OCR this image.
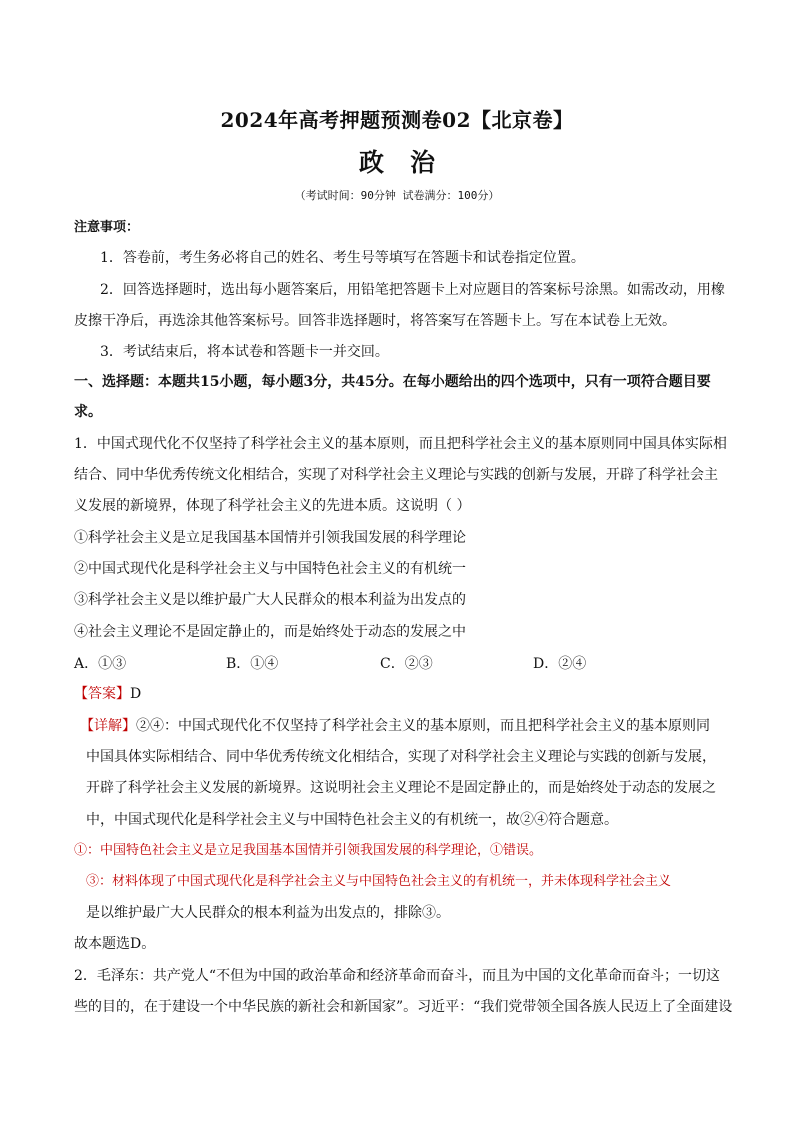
2024年高考押题预测卷02【北京卷】
政 治
（考试时间：90分钟 试卷满分：100分）
注意事项：
1．答卷前，考生务必将自己的姓名、考生号等填写在答题卡和试卷指定位置。
2．回答选择题时，选出每小题答案后，用铅笔把答题卡上对应题目的答案标号涂黑。如需改动，用橡
皮擦干净后，再选涂其他答案标号。回答非选择题时，将答案写在答题卡上。写在本试卷上无效。
3．考试结束后，将本试卷和答题卡一并交回。
一、选择题：本题共15小题，每小题3分，共45分。在每小题给出的四个选项中，只有一项符合题目要
求。
1．中国式现代化不仅坚持了科学社会主义的基本原则，而且把科学社会主义的基本原则同中国具体实际相
结合、同中华优秀传统文化相结合，实现了对科学社会主义理论与实践的创新与发展，开辟了科学社会主
义发展的新境界，体现了科学社会主义的先进本质。这说明（ ）
①科学社会主义是立足我国基本国情并引领我国发展的科学理论
②中国式现代化是科学社会主义与中国特色社会主义的有机统一
③科学社会主义是以维护最广大人民群众的根本利益为出发点的
④社会主义理论不是固定静止的，而是始终处于动态的发展之中
A．①③	B．①④	C．②③	D．②④
【答案】D
【详解】②④：中国式现代化不仅坚持了科学社会主义的基本原则，而且把科学社会主义的基本原则同
中国具体实际相结合、同中华优秀传统文化相结合，实现了对科学社会主义理论与实践的创新与发展，
开辟了科学社会主义发展的新境界。这说明社会主义理论不是固定静止的，而是始终处于动态的发展之
中，中国式现代化是科学社会主义与中国特色社会主义的有机统一，故②④符合题意。
①：中国特色社会主义是立足我国基本国情并引领我国发展的科学理论，①错误。
③：材料体现了中国式现代化是科学社会主义与中国特色社会主义的有机统一，并未体现科学社会主义
是以维护最广大人民群众的根本利益为出发点的，排除③。
故本题选D。
2．毛泽东：共产党人“不但为中国的政治革命和经济革命而奋斗，而且为中国的文化革命而奋斗；一切这
些的目的，在于建设一个中华民族的新社会和新国家”。习近平：“我们党带领全国各族人民迈上了全面建设
